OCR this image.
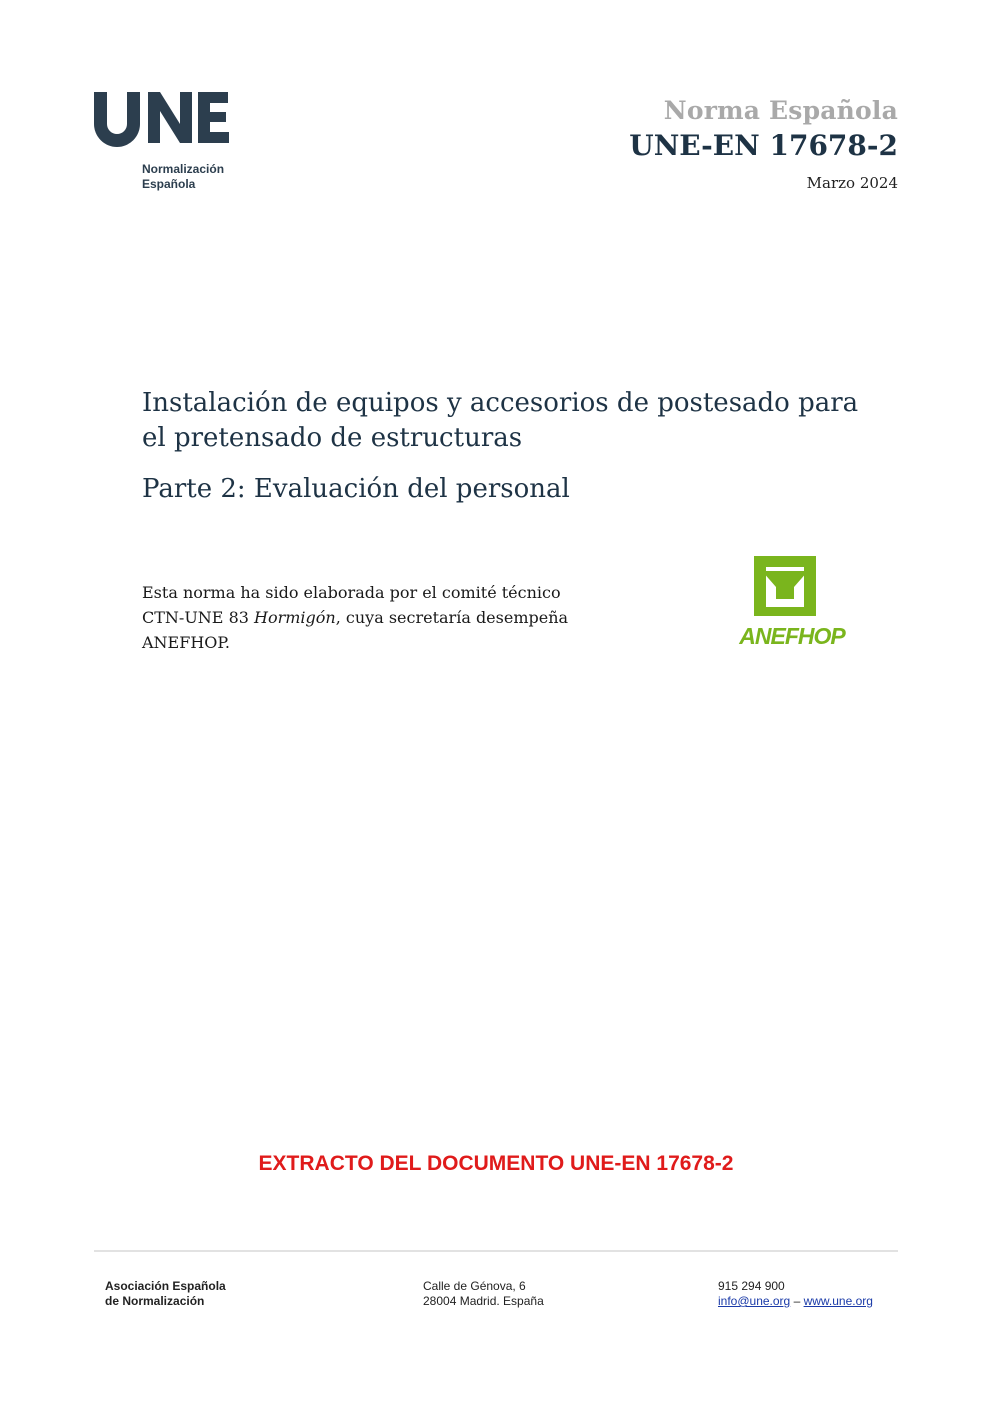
Normalización
Española
Norma Española
UNE-EN 17678-2
Marzo 2024
Instalación de equipos y accesorios de postesado para el pretensado de estructuras
Parte 2: Evaluación del personal
Esta norma ha sido elaborada por el comité técnico CTN-UNE 83 Hormigón, cuya secretaría desempeña ANEFHOP.	ANEFHOP
EXTRACTO DEL DOCUMENTO UNE-EN 17678-2
Asociación Española
de Normalización
Calle de Génova, 6
28004 Madrid. España
915 294 900
info@une.org – www.une.org
